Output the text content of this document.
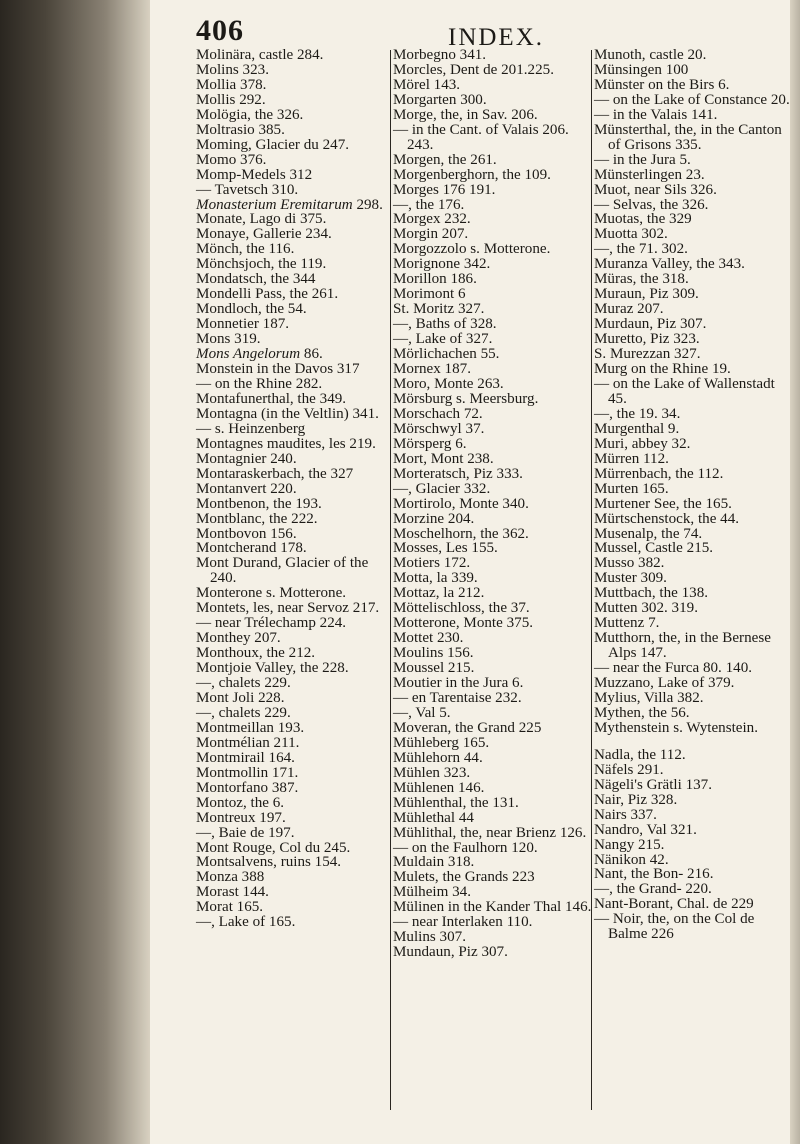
406	INDEX.
Molinära, castle 284.
Molins 323.
Mollia 378.
Mollis 292.
Molögia, the 326.
Moltrasio 385.
Moming, Glacier du 247.
Momo 376.
Momp-Medels 312
— Tavetsch 310.
Monasterium Eremitarum 298.
Monate, Lago di 375.
Monaye, Gallerie 234.
Mönch, the 116.
Mönchsjoch, the 119.
Mondatsch, the 344
Mondelli Pass, the 261.
Mondloch, the 54.
Monnetier 187.
Mons 319.
Mons Angelorum 86.
Monstein in the Davos 317
— on the Rhine 282.
Montafunerthal, the 349.
Montagna (in the Veltlin) 341.
— s. Heinzenberg
Montagnes maudites, les 219.
Montagnier 240.
Montaraskerbach, the 327
Montanvert 220.
Montbenon, the 193.
Montblanc, the 222.
Montbovon 156.
Montcherand 178.
Mont Durand, Glacier of the 240.
Monterone s. Motterone.
Montets, les, near Servoz 217.
— near Trélechamp 224.
Monthey 207.
Monthoux, the 212.
Montjoie Valley, the 228.
—, chalets 229.
Mont Joli 228.
—, chalets 229.
Montmeillan 193.
Montmélian 211.
Montmirail 164.
Montmollin 171.
Montorfano 387.
Montoz, the 6.
Montreux 197.
—, Baie de 197.
Mont Rouge, Col du 245.
Montsalvens, ruins 154.
Monza 388
Morast 144.
Morat 165.
—, Lake of 165.
Morbegno 341.
Morcles, Dent de 201.225.
Mörel 143.
Morgarten 300.
Morge, the, in Sav. 206.
— in the Cant. of Valais 206. 243.
Morgen, the 261.
Morgenberghorn, the 109.
Morges 176 191.
—, the 176.
Morgex 232.
Morgin 207.
Morgozzolo s. Motterone.
Morignone 342.
Morillon 186.
Morimont 6
St. Moritz 327.
—, Baths of 328.
—, Lake of 327.
Mörlichachen 55.
Mornex 187.
Moro, Monte 263.
Mörsburg s. Meersburg.
Morschach 72.
Mörschwyl 37.
Mörsperg 6.
Mort, Mont 238.
Morteratsch, Piz 333.
—, Glacier 332.
Mortirolo, Monte 340.
Morzine 204.
Moschelhorn, the 362.
Mosses, Les 155.
Motiers 172.
Motta, la 339.
Mottaz, la 212.
Möttelischloss, the 37.
Motterone, Monte 375.
Mottet 230.
Moulins 156.
Moussel 215.
Moutier in the Jura 6.
— en Tarentaise 232.
—, Val 5.
Moveran, the Grand 225
Mühleberg 165.
Mühlehorn 44.
Mühlen 323.
Mühlenen 146.
Mühlenthal, the 131.
Mühlethal 44
Mühlithal, the, near Brienz 126.
— on the Faulhorn 120.
Muldain 318.
Mulets, the Grands 223
Mülheim 34.
Mülinen in the Kander Thal 146.
— near Interlaken 110.
Mulins 307.
Mundaun, Piz 307.
Munoth, castle 20.
Münsingen 100
Münster on the Birs 6.
— on the Lake of Constance 20.
— in the Valais 141.
Münsterthal, the, in the Canton of Grisons 335.
— in the Jura 5.
Münsterlingen 23.
Muot, near Sils 326.
— Selvas, the 326.
Muotas, the 329
Muotta 302.
—, the 71. 302.
Muranza Valley, the 343.
Müras, the 318.
Muraun, Piz 309.
Muraz 207.
Murdaun, Piz 307.
Muretto, Piz 323.
S. Murezzan 327.
Murg on the Rhine 19.
— on the Lake of Wallenstadt 45.
—, the 19. 34.
Murgenthal 9.
Muri, abbey 32.
Mürren 112.
Mürrenbach, the 112.
Murten 165.
Murtener See, the 165.
Mürtschenstock, the 44.
Musenalp, the 74.
Mussel, Castle 215.
Musso 382.
Muster 309.
Muttbach, the 138.
Mutten 302. 319.
Muttenz 7.
Mutthorn, the, in the Bernese Alps 147.
— near the Furca 80. 140.
Muzzano, Lake of 379.
Mylius, Villa 382.
Mythen, the 56.
Mythenstein s. Wytenstein.
Nadla, the 112.
Näfels 291.
Nägeli's Grätli 137.
Nair, Piz 328.
Nairs 337.
Nandro, Val 321.
Nangy 215.
Nänikon 42.
Nant, the Bon- 216.
—, the Grand- 220.
Nant-Borant, Chal. de 229
— Noir, the, on the Col de Balme 226
